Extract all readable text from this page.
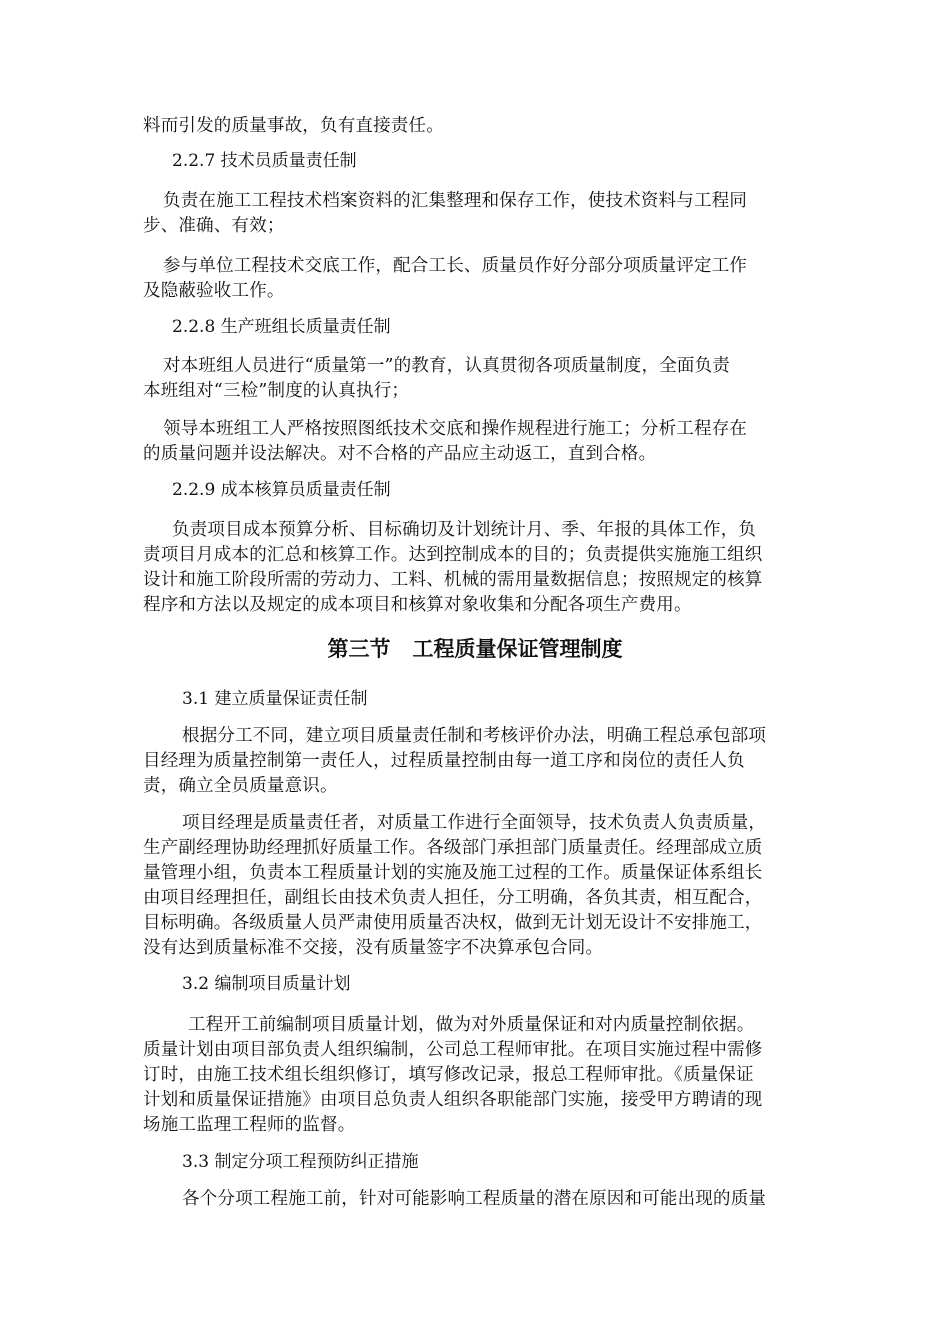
料而引发的质量事故，负有直接责任。
2.2.7 技术员质量责任制
负责在施工工程技术档案资料的汇集整理和保存工作，使技术资料与工程同
步、准确、有效；
参与单位工程技术交底工作，配合工长、质量员作好分部分项质量评定工作
及隐蔽验收工作。
2.2.8 生产班组长质量责任制
对本班组人员进行“质量第一”的教育，认真贯彻各项质量制度，全面负责
本班组对“三检”制度的认真执行；
领导本班组工人严格按照图纸技术交底和操作规程进行施工；分析工程存在
的质量问题并设法解决。对不合格的产品应主动返工，直到合格。
2.2.9 成本核算员质量责任制
负责项目成本预算分析、目标确切及计划统计月、季、年报的具体工作，负
责项目月成本的汇总和核算工作。达到控制成本的目的；负责提供实施施工组织
设计和施工阶段所需的劳动力、工料、机械的需用量数据信息；按照规定的核算
程序和方法以及规定的成本项目和核算对象收集和分配各项生产费用。
第三节 工程质量保证管理制度
3.1 建立质量保证责任制
根据分工不同，建立项目质量责任制和考核评价办法，明确工程总承包部项
目经理为质量控制第一责任人，过程质量控制由每一道工序和岗位的责任人负
责，确立全员质量意识。
项目经理是质量责任者，对质量工作进行全面领导，技术负责人负责质量，
生产副经理协助经理抓好质量工作。各级部门承担部门质量责任。经理部成立质
量管理小组，负责本工程质量计划的实施及施工过程的工作。质量保证体系组长
由项目经理担任，副组长由技术负责人担任，分工明确，各负其责，相互配合，
目标明确。各级质量人员严肃使用质量否决权，做到无计划无设计不安排施工，
没有达到质量标准不交接，没有质量签字不决算承包合同。
3.2 编制项目质量计划
工程开工前编制项目质量计划，做为对外质量保证和对内质量控制依据。
质量计划由项目部负责人组织编制，公司总工程师审批。在项目实施过程中需修
订时，由施工技术组长组织修订，填写修改记录，报总工程师审批。《质量保证
计划和质量保证措施》由项目总负责人组织各职能部门实施，接受甲方聘请的现
场施工监理工程师的监督。
3.3 制定分项工程预防纠正措施
各个分项工程施工前，针对可能影响工程质量的潜在原因和可能出现的质量
